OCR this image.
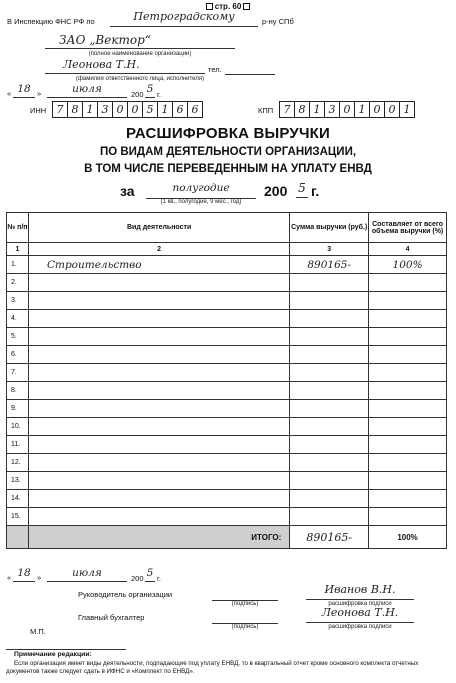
стр. 60
В Инспекцию ФНС РФ по	Петроградскому	р-ну СПб
ЗАО „Вектор“
(полное наименование организации)
Леонова Т.Н.	тел.
(фамилия ответственного лица, исполнителя)
« 18 »	июля	200 5 г.
ИНН 7 8 1 3 0 0 5 1 6 6	КПП 7 8 1 3 0 1 0 0 1
РАСШИФРОВКА ВЫРУЧКИ
ПО ВИДАМ ДЕЯТЕЛЬНОСТИ ОРГАНИЗАЦИИ,
В ТОМ ЧИСЛЕ ПЕРЕВЕДЕННЫМ НА УПЛАТУ ЕНВД
за	полугодие	200 5 г.
(1 кв., полугодие, 9 мес., год)
№ п/п	Вид деятельности	Сумма выручки (руб.)	Составляет от всего объема выручки (%)
1	2	3	4
1.	Строительство	890165-	100%
2.			
3.			
4.			
5.			
6.			
7.			
8.			
9.			
10.			
11.			
12.			
13.			
14.			
15.			
	ИТОГО:	890165-	100%
« 18 »	июля	200 5 г.
Руководитель организации
(подпись)
Иванов В.Н.
расшифровка подписи
Главный бухгалтер
(подпись)
Леонова Т.Н.
расшифровка подписи
М.П.
Примечание редакции:
Если организация имеет виды деятельности, подпадающие под уплату ЕНВД, то в квартальный отчет кроме основного комплекта отчетных документов также следует сдать в ИФНС и «Комплект по ЕНВД».
